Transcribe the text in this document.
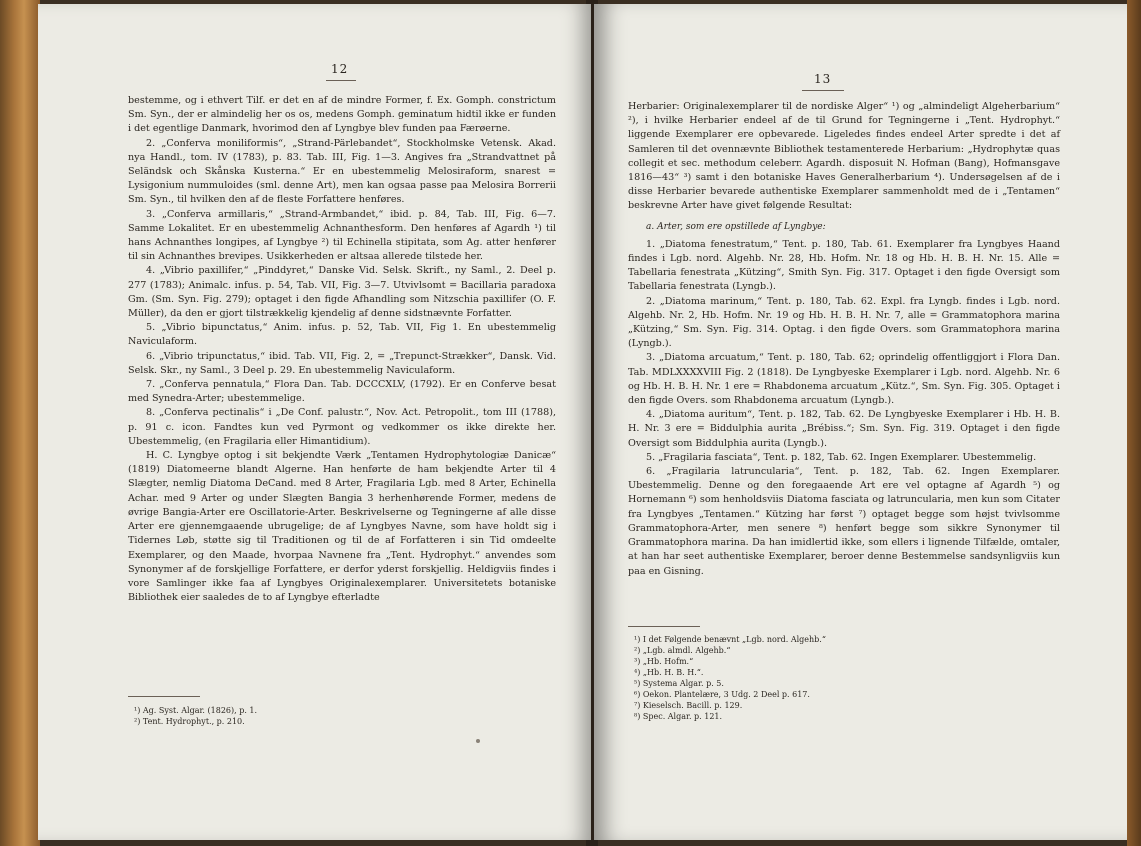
12

bestemme, og i ethvert Tilf. er det en af de mindre Former, f. Ex. Gomph. constrictum Sm. Syn., der er almindelig her os os, medens Gomph. geminatum hidtil ikke er funden i det egentlige Danmark, hvorimod den af Lyngbye blev funden paa Færøerne.

2. „Conferva moniliformis“, „Strand-Pärlebandet“, Stockholmske Vetensk. Akad. nya Handl., tom. IV (1783), p. 83. Tab. III, Fig. 1—3. Angives fra „Strandvattnet på Seländsk och Skånska Kusterna.“ Er en ubestemmelig Melosiraform, snarest = Lysigonium nummuloides (sml. denne Art), men kan ogsaa passe paa Melosira Borrerii Sm. Syn., til hvilken den af de fleste Forfattere henføres.

3. „Conferva armillaris,“ „Strand-Armbandet,“ ibid. p. 84, Tab. III, Fig. 6—7. Samme Lokalitet. Er en ubestemmelig Achnanthesform. Den henføres af Agardh ¹) til hans Achnanthes longipes, af Lyngbye ²) til Echinella stipitata, som Ag. atter henfører til sin Achnanthes brevipes. Usikkerheden er altsaa allerede tilstede her.

4. „Vibrio paxillifer,“ „Pinddyret,“ Danske Vid. Selsk. Skrift., ny Saml., 2. Deel p. 277 (1783); Animalc. infus. p. 54, Tab. VII, Fig. 3—7. Utvivlsomt = Bacillaria paradoxa Gm. (Sm. Syn. Fig. 279); optaget i den ﬁgde Afhandling som Nitzschia paxillifer (O. F. Müller), da den er gjort tilstrækkelig kjendelig af denne sidstnævnte Forfatter.

5. „Vibrio bipunctatus,“ Anim. infus. p. 52, Tab. VII, Fig 1. En ubestemmelig Naviculaform.

6. „Vibrio tripunctatus,“ ibid. Tab. VII, Fig. 2, = „Trepunct-Strækker“, Dansk. Vid. Selsk. Skr., ny Saml., 3 Deel p. 29. En ubestemmelig Naviculaform.

7. „Conferva pennatula,“ Flora Dan. Tab. DCCCXLV, (1792). Er en Conferve besat med Synedra-Arter; ubestemmelige.

8. „Conferva pectinalis“ i „De Conf. palustr.“, Nov. Act. Petropolit., tom III (1788), p. 91 c. icon. Fandtes kun ved Pyrmont og vedkommer os ikke direkte her. Ubestemmelig, (en Fragilaria eller Himantidium).

H. C. Lyngbye optog i sit bekjendte Værk „Tentamen Hydrophytologiæ Danicæ“ (1819) Diatomeerne blandt Algerne. Han henførte de ham bekjendte Arter til 4 Slægter, nemlig Diatoma DeCand. med 8 Arter, Fragilaria Lgb. med 8 Arter, Echinella Achar. med 9 Arter og under Slægten Bangia 3 herhenhørende Former, medens de øvrige Bangia-Arter ere Oscillatorie-Arter. Beskrivelserne og Tegningerne af alle disse Arter ere gjennemgaaende ubrugelige; de af Lyngbyes Navne, som have holdt sig i Tidernes Løb, støtte sig til Traditionen og til de af Forfatteren i sin Tid omdeelte Exemplarer, og den Maade, hvorpaa Navnene fra „Tent. Hydrophyt.“ anvendes som Synonymer af de forskjellige Forfattere, er derfor yderst forskjellig. Heldigviis findes i vore Samlinger ikke faa af Lyngbyes Originalexemplarer. Universitetets botaniske Bibliothek eier saaledes de to af Lyngbye efterladte

¹) Ag. Syst. Algar. (1826), p. 1.
²) Tent. Hydrophyt., p. 210.
13

Herbarier: Originalexemplarer til de nordiske Alger“ ¹) og „almindeligt Algeherbarium“ ²), i hvilke Herbarier endeel af de til Grund for Tegningerne i „Tent. Hydrophyt.“ liggende Exemplarer ere opbevarede. Ligeledes findes endeel Arter spredte i det af Samleren til det ovennævnte Bibliothek testamenterede Herbarium: „Hydrophytæ quas collegit et sec. methodum celeberr. Agardh. disposuit N. Hofman (Bang), Hofmansgave 1816—43“ ³) samt i den botaniske Haves Generalherbarium ⁴). Undersøgelsen af de i disse Herbarier bevarede authentiske Exemplarer sammenholdt med de i „Tentamen“ beskrevne Arter have givet følgende Resultat:

a. Arter, som ere opstillede af Lyngbye:

1. „Diatoma fenestratum,“ Tent. p. 180, Tab. 61. Exemplarer fra Lyngbyes Haand findes i Lgb. nord. Algehb. Nr. 28, Hb. Hofm. Nr. 18 og Hb. H. B. H. Nr. 15. Alle = Tabellaria fenestrata „Kützing“, Smith Syn. Fig. 317. Optaget i den ﬁgde Oversigt som Tabellaria fenestrata (Lyngb.).

2. „Diatoma marinum,“ Tent. p. 180, Tab. 62. Expl. fra Lyngb. findes i Lgb. nord. Algehb. Nr. 2, Hb. Hofm. Nr. 19 og Hb. H. B. H. Nr. 7, alle = Grammatophora marina „Kützing,“ Sm. Syn. Fig. 314. Optag. i den ﬁgde Overs. som Grammatophora marina (Lyngb.).

3. „Diatoma arcuatum,“ Tent. p. 180, Tab. 62; oprindelig offentliggjort i Flora Dan. Tab. MDLXXXXVIII Fig. 2 (1818). De Lyngbyeske Exemplarer i Lgb. nord. Algehb. Nr. 6 og Hb. H. B. H. Nr. 1 ere = Rhabdonema arcuatum „Kütz.“, Sm. Syn. Fig. 305. Optaget i den ﬁgde Overs. som Rhabdonema arcuatum (Lyngb.).

4. „Diatoma auritum“, Tent. p. 182, Tab. 62. De Lyngbyeske Exemplarer i Hb. H. B. H. Nr. 3 ere = Biddulphia aurita „Brébiss.“; Sm. Syn. Fig. 319. Optaget i den ﬁgde Oversigt som Biddulphia aurita (Lyngb.).

5. „Fragilaria fasciata“, Tent. p. 182, Tab. 62. Ingen Exemplarer. Ubestemmelig.

6. „Fragilaria latruncularia“, Tent. p. 182, Tab. 62. Ingen Exemplarer. Ubestemmelig. Denne og den foregaaende Art ere vel optagne af Agardh ⁵) og Hornemann ⁶) som henholdsviis Diatoma fasciata og latruncularia, men kun som Citater fra Lyngbyes „Tentamen.“ Kützing har først ⁷) optaget begge som højst tvivlsomme Grammatophora-Arter, men senere ⁸) henført begge som sikkre Synonymer til Grammatophora marina. Da han imidlertid ikke, som ellers i lignende Tilfælde, omtaler, at han har seet authentiske Exemplarer, beroer denne Bestemmelse sandsynligviis kun paa en Gisning.

¹) I det Følgende benævnt „Lgb. nord. Algehb.“
²) „Lgb. almdl. Algehb.“
³) „Hb. Hofm.“
⁴) „Hb. H. B. H.“.
⁵) Systema Algar. p. 5.
⁶) Oekon. Plantelære, 3 Udg. 2 Deel p. 617.
⁷) Kieselsch. Bacill. p. 129.
⁸) Spec. Algar. p. 121.
